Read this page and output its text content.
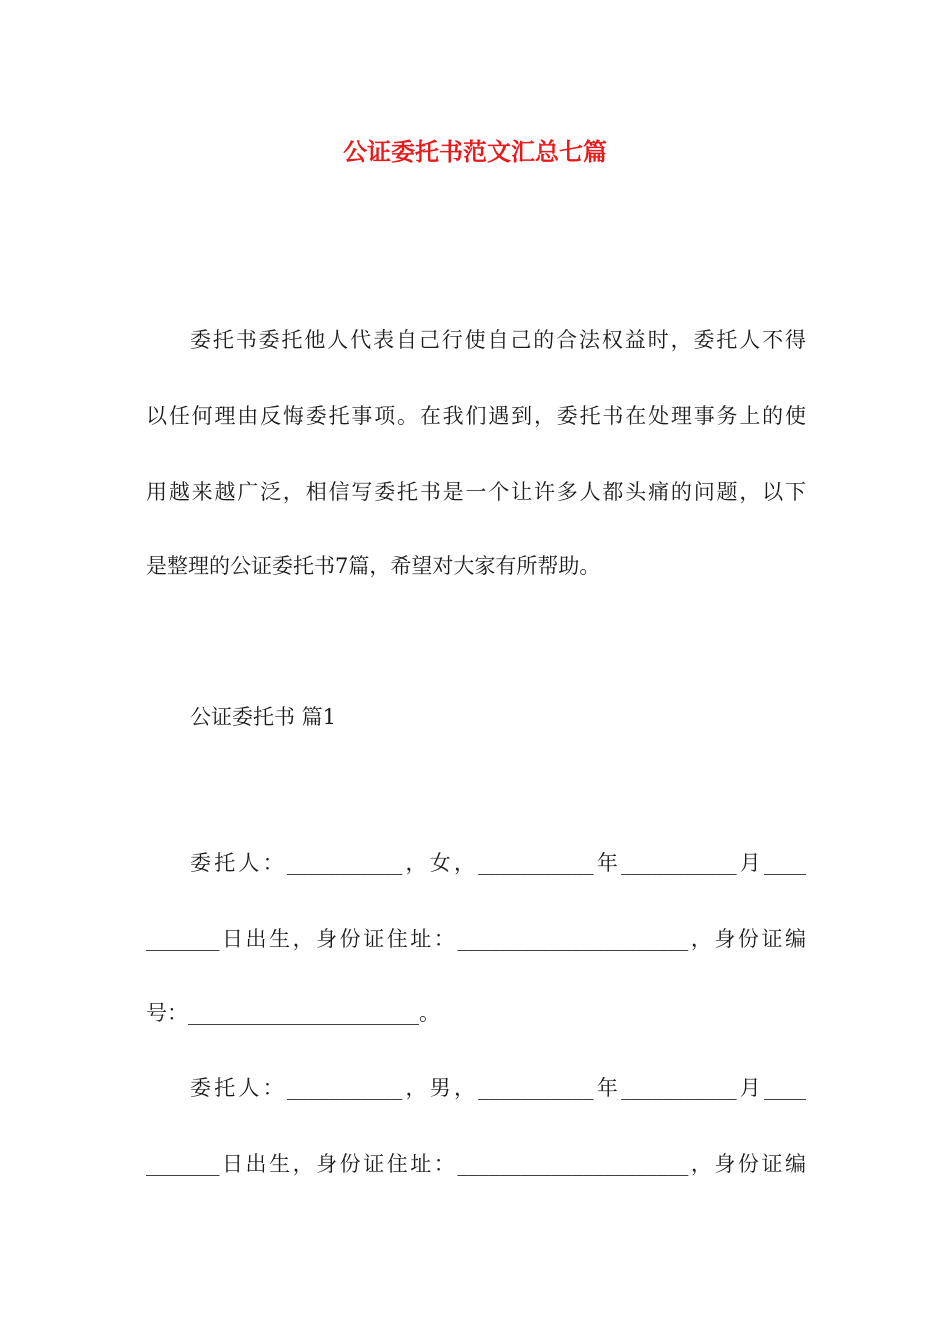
公证委托书范文汇总七篇

委托书委托他人代表自己行使自己的合法权益时，委托人不得

以任何理由反悔委托事项。在我们遇到，委托书在处理事务上的使

用越来越广泛，相信写委托书是一个让许多人都头痛的问题，以下

是整理的公证委托书7篇，希望对大家有所帮助。

公证委托书 篇1

委托人：___________，女，___________年___________月____

_______日出生，身份证住址：______________________，身份证编

号：______________________。

委托人：___________，男，___________年___________月____

_______日出生，身份证住址：______________________，身份证编
